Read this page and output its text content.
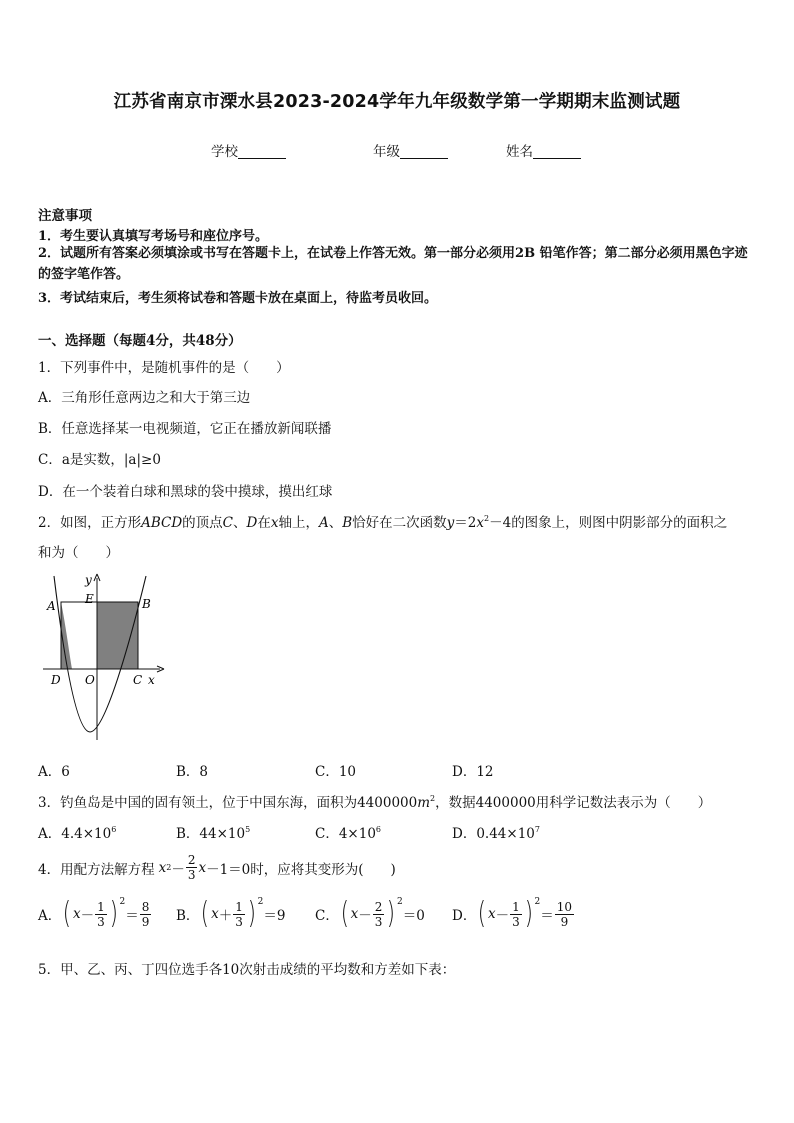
江苏省南京市溧水县2023-2024学年九年级数学第一学期期末监测试题
学校	年级	姓名
注意事项
1．考生要认真填写考场号和座位序号。
2．试题所有答案必须填涂或书写在答题卡上，在试卷上作答无效。第一部分必须用2B 铅笔作答；第二部分必须用黑色字迹的签字笔作答。
3．考试结束后，考生须将试卷和答题卡放在桌面上，待监考员收回。
一、选择题（每题4分，共48分）
1．下列事件中，是随机事件的是（　　）
A．三角形任意两边之和大于第三边
B．任意选择某一电视频道，它正在播放新闻联播
C．a是实数，|a|≥0
D．在一个装着白球和黑球的袋中摸球，摸出红球
2．如图，正方形ABCD的顶点C、D在x轴上，A、B恰好在二次函数$y=2x^2-4$的图象上，则图中阴影部分的面积之
和为（　　）
y
A E	B
D O	C x
A．6	B．8	C．10	D．12
3．钓鱼岛是中国的固有领土，位于中国东海，面积为$4400000m^2$，数据4400000用科学记数法表示为（　　）
A．$4.4\times 10^6$	B．$44\times 10^5$	C．$4\times 10^6$	D．$0.44\times 10^7$
4．用配方法解方程 x $2 - \frac{2}{3}$ x －1＝0时，应将其变形为(　　)
A． ( $x - \frac{1}{3}$ ) 2
＝ $\frac{8}{9}$ B． ( $x + \frac{1}{3}$ ) 2
＝9 C． ( $x - \frac{2}{3}$ ) 2
＝0 D． ( $x - \frac{1}{3}$ ) 2
＝ $\frac{10}{9}$
5．甲、乙、丙、丁四位选手各10次射击成绩的平均数和方差如下表：
